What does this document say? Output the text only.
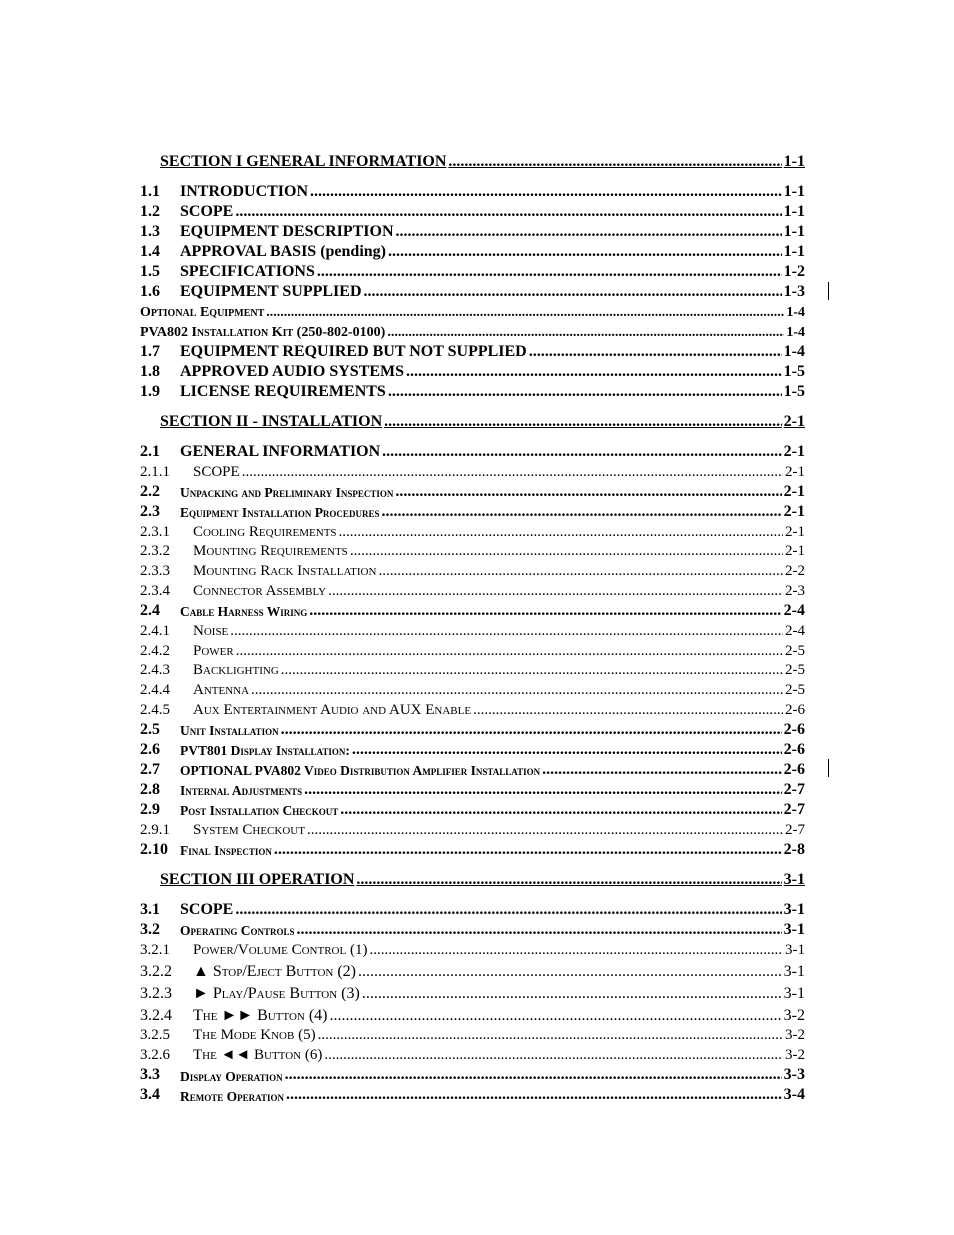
SECTION I GENERAL INFORMATION .....	1-1
1.1	INTRODUCTION .....	1-1
1.2	SCOPE .....	1-1
1.3	EQUIPMENT DESCRIPTION .....	1-1
1.4	APPROVAL BASIS (pending) .....	1-1
1.5	SPECIFICATIONS .....	1-2
1.6	EQUIPMENT SUPPLIED .....	1-3
Optional Equipment .....	1-4
PVA802 Installation Kit (250-802-0100) .....	1-4
1.7	EQUIPMENT REQUIRED BUT NOT SUPPLIED .....	1-4
1.8	APPROVED AUDIO SYSTEMS .....	1-5
1.9	LICENSE REQUIREMENTS .....	1-5
SECTION II - INSTALLATION .....	2-1
2.1	GENERAL INFORMATION .....	2-1
2.1.1	SCOPE .....	2-1
2.2	Unpacking and Preliminary Inspection .....	2-1
2.3	Equipment Installation Procedures .....	2-1
2.3.1	Cooling Requirements .....	2-1
2.3.2	Mounting Requirements .....	2-1
2.3.3	Mounting Rack Installation .....	2-2
2.3.4	Connector Assembly .....	2-3
2.4	Cable Harness Wiring .....	2-4
2.4.1	Noise .....	2-4
2.4.2	Power .....	2-5
2.4.3	Backlighting .....	2-5
2.4.4	Antenna .....	2-5
2.4.5	Aux Entertainment Audio and AUX Enable .....	2-6
2.5	Unit Installation .....	2-6
2.6	PVT801 Display Installation: .....	2-6
2.7	OPTIONAL PVA802 Video Distribution Amplifier Installation .....	2-6
2.8	Internal Adjustments .....	2-7
2.9	Post Installation Checkout .....	2-7
2.9.1	System Checkout .....	2-7
2.10 Final Inspection .....	2-8
SECTION III OPERATION .....	3-1
3.1	SCOPE .....	3-1
3.2	Operating Controls .....	3-1
3.2.1	Power/Volume Control (1) .....	3-1
3.2.2	▲ Stop/Eject Button (2) .....	3-1
3.2.3	► Play/Pause Button (3) .....	3-1
3.2.4	The ►► Button (4) .....	3-2
3.2.5	The Mode Knob (5) .....	3-2
3.2.6	The ◄◄ Button (6) .....	3-2
3.3	Display Operation .....	3-3
3.4	Remote Operation .....	3-4
